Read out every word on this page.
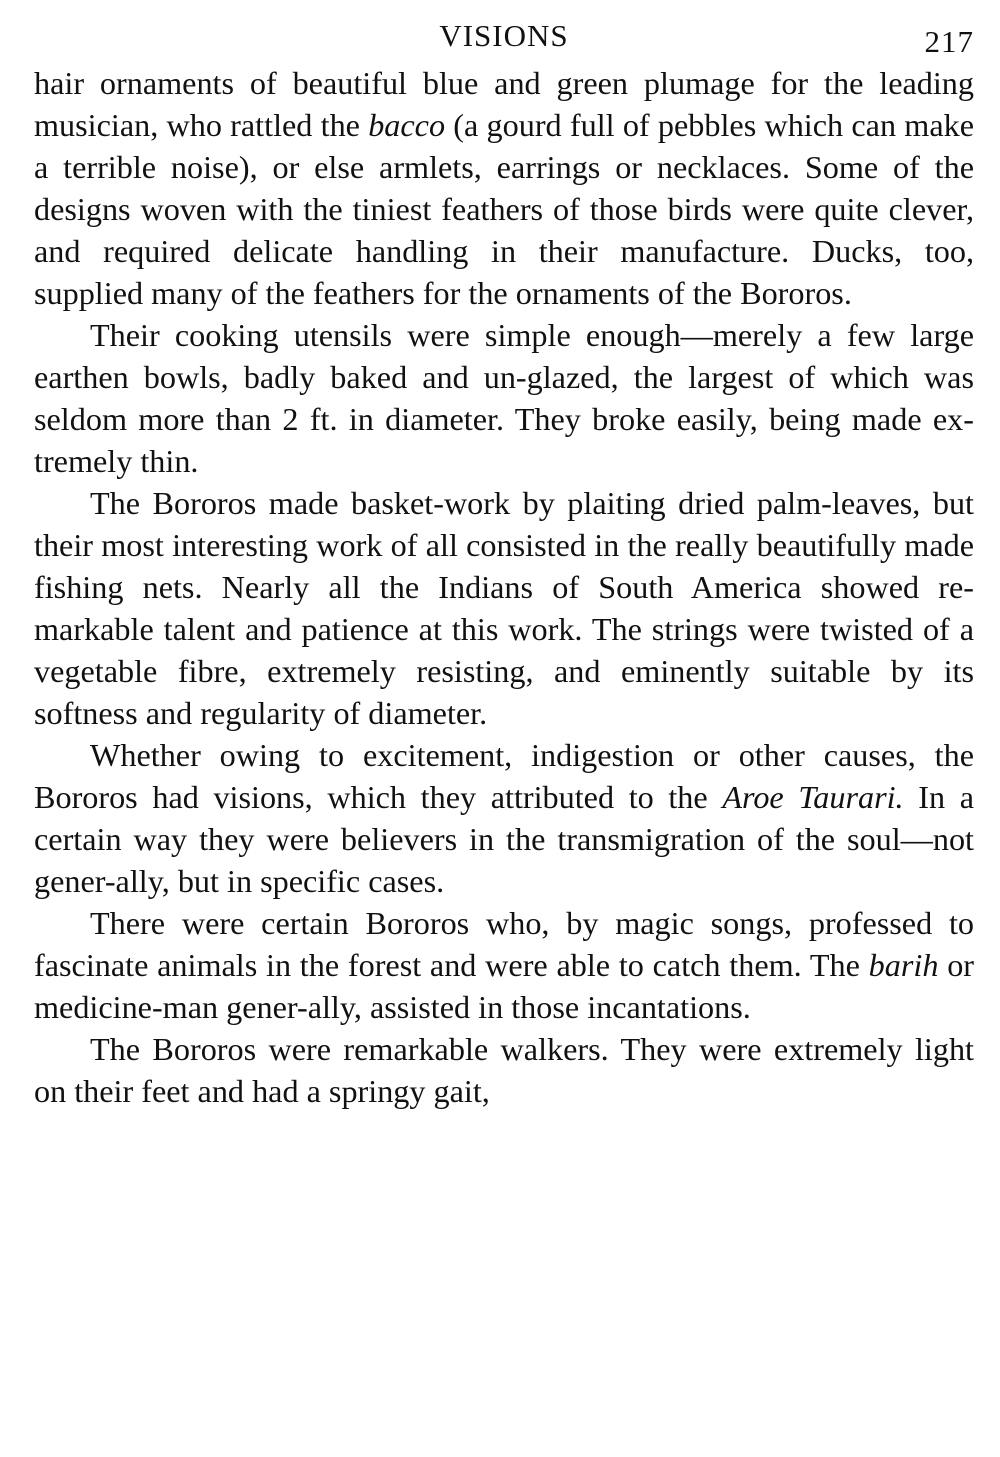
VISIONS	217

hair ornaments of beautiful blue and green plumage for the leading musician, who rattled the bacco (a gourd full of pebbles which can make a terrible noise), or else armlets, earrings or necklaces. Some of the designs woven with the tiniest feathers of those birds were quite clever, and required delicate handling in their manufacture. Ducks, too, supplied many of the feathers for the ornaments of the Bororos.

Their cooking utensils were simple enough—merely a few large earthen bowls, badly baked and un-glazed, the largest of which was seldom more than 2 ft. in diameter. They broke easily, being made ex-tremely thin.

The Bororos made basket-work by plaiting dried palm-leaves, but their most interesting work of all consisted in the really beautifully made fishing nets. Nearly all the Indians of South America showed re-markable talent and patience at this work. The strings were twisted of a vegetable fibre, extremely resisting, and eminently suitable by its softness and regularity of diameter.

Whether owing to excitement, indigestion or other causes, the Bororos had visions, which they attributed to the Aroe Taurari. In a certain way they were believers in the transmigration of the soul—not gener-ally, but in specific cases.

There were certain Bororos who, by magic songs, professed to fascinate animals in the forest and were able to catch them. The barih or medicine-man gener-ally, assisted in those incantations.

The Bororos were remarkable walkers. They were extremely light on their feet and had a springy gait,
